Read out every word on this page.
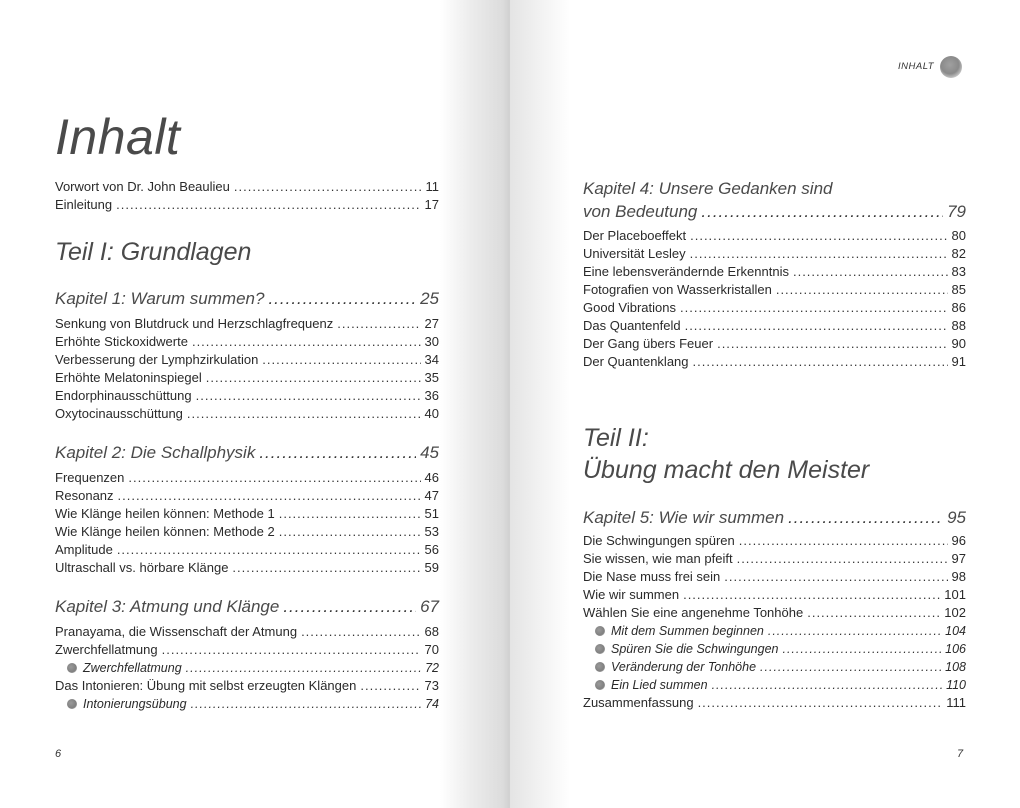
Inhalt
Vorwort von Dr. John Beaulieu .....	11
Einleitung .....	17
Teil I: Grundlagen
Kapitel 1: Warum summen? .....	25
Senkung von Blutdruck und Herzschlagfrequenz .....	27
Erhöhte Stickoxidwerte .....	30
Verbesserung der Lymphzirkulation .....	34
Erhöhte Melatoninspiegel .....	35
Endorphinausschüttung .....	36
Oxytocinausschüttung .....	40
Kapitel 2: Die Schallphysik .....	45
Frequenzen .....	46
Resonanz .....	47
Wie Klänge heilen können: Methode 1 .....	51
Wie Klänge heilen können: Methode 2 .....	53
Amplitude .....	56
Ultraschall vs. hörbare Klänge .....	59
Kapitel 3: Atmung und Klänge .....	67
Pranayama, die Wissenschaft der Atmung .....	68
Zwerchfellatmung .....	70
Zwerchfellatmung .....	72
Das Intonieren: Übung mit selbst erzeugten Klängen .....	73
Intonierungsübung .....	74
6
INHALT
Kapitel 4: Unsere Gedanken sind
von Bedeutung .....	79
Der Placeboeffekt .....	80
Universität Lesley .....	82
Eine lebensverändernde Erkenntnis .....	83
Fotografien von Wasserkristallen .....	85
Good Vibrations .....	86
Das Quantenfeld .....	88
Der Gang übers Feuer .....	90
Der Quantenklang .....	91
Teil II:
Übung macht den Meister
Kapitel 5: Wie wir summen .....	95
Die Schwingungen spüren .....	96
Sie wissen, wie man pfeift .....	97
Die Nase muss frei sein .....	98
Wie wir summen .....	101
Wählen Sie eine angenehme Tonhöhe .....	102
Mit dem Summen beginnen .....	104
Spüren Sie die Schwingungen .....	106
Veränderung der Tonhöhe .....	108
Ein Lied summen .....	110
Zusammenfassung .....	111
7
